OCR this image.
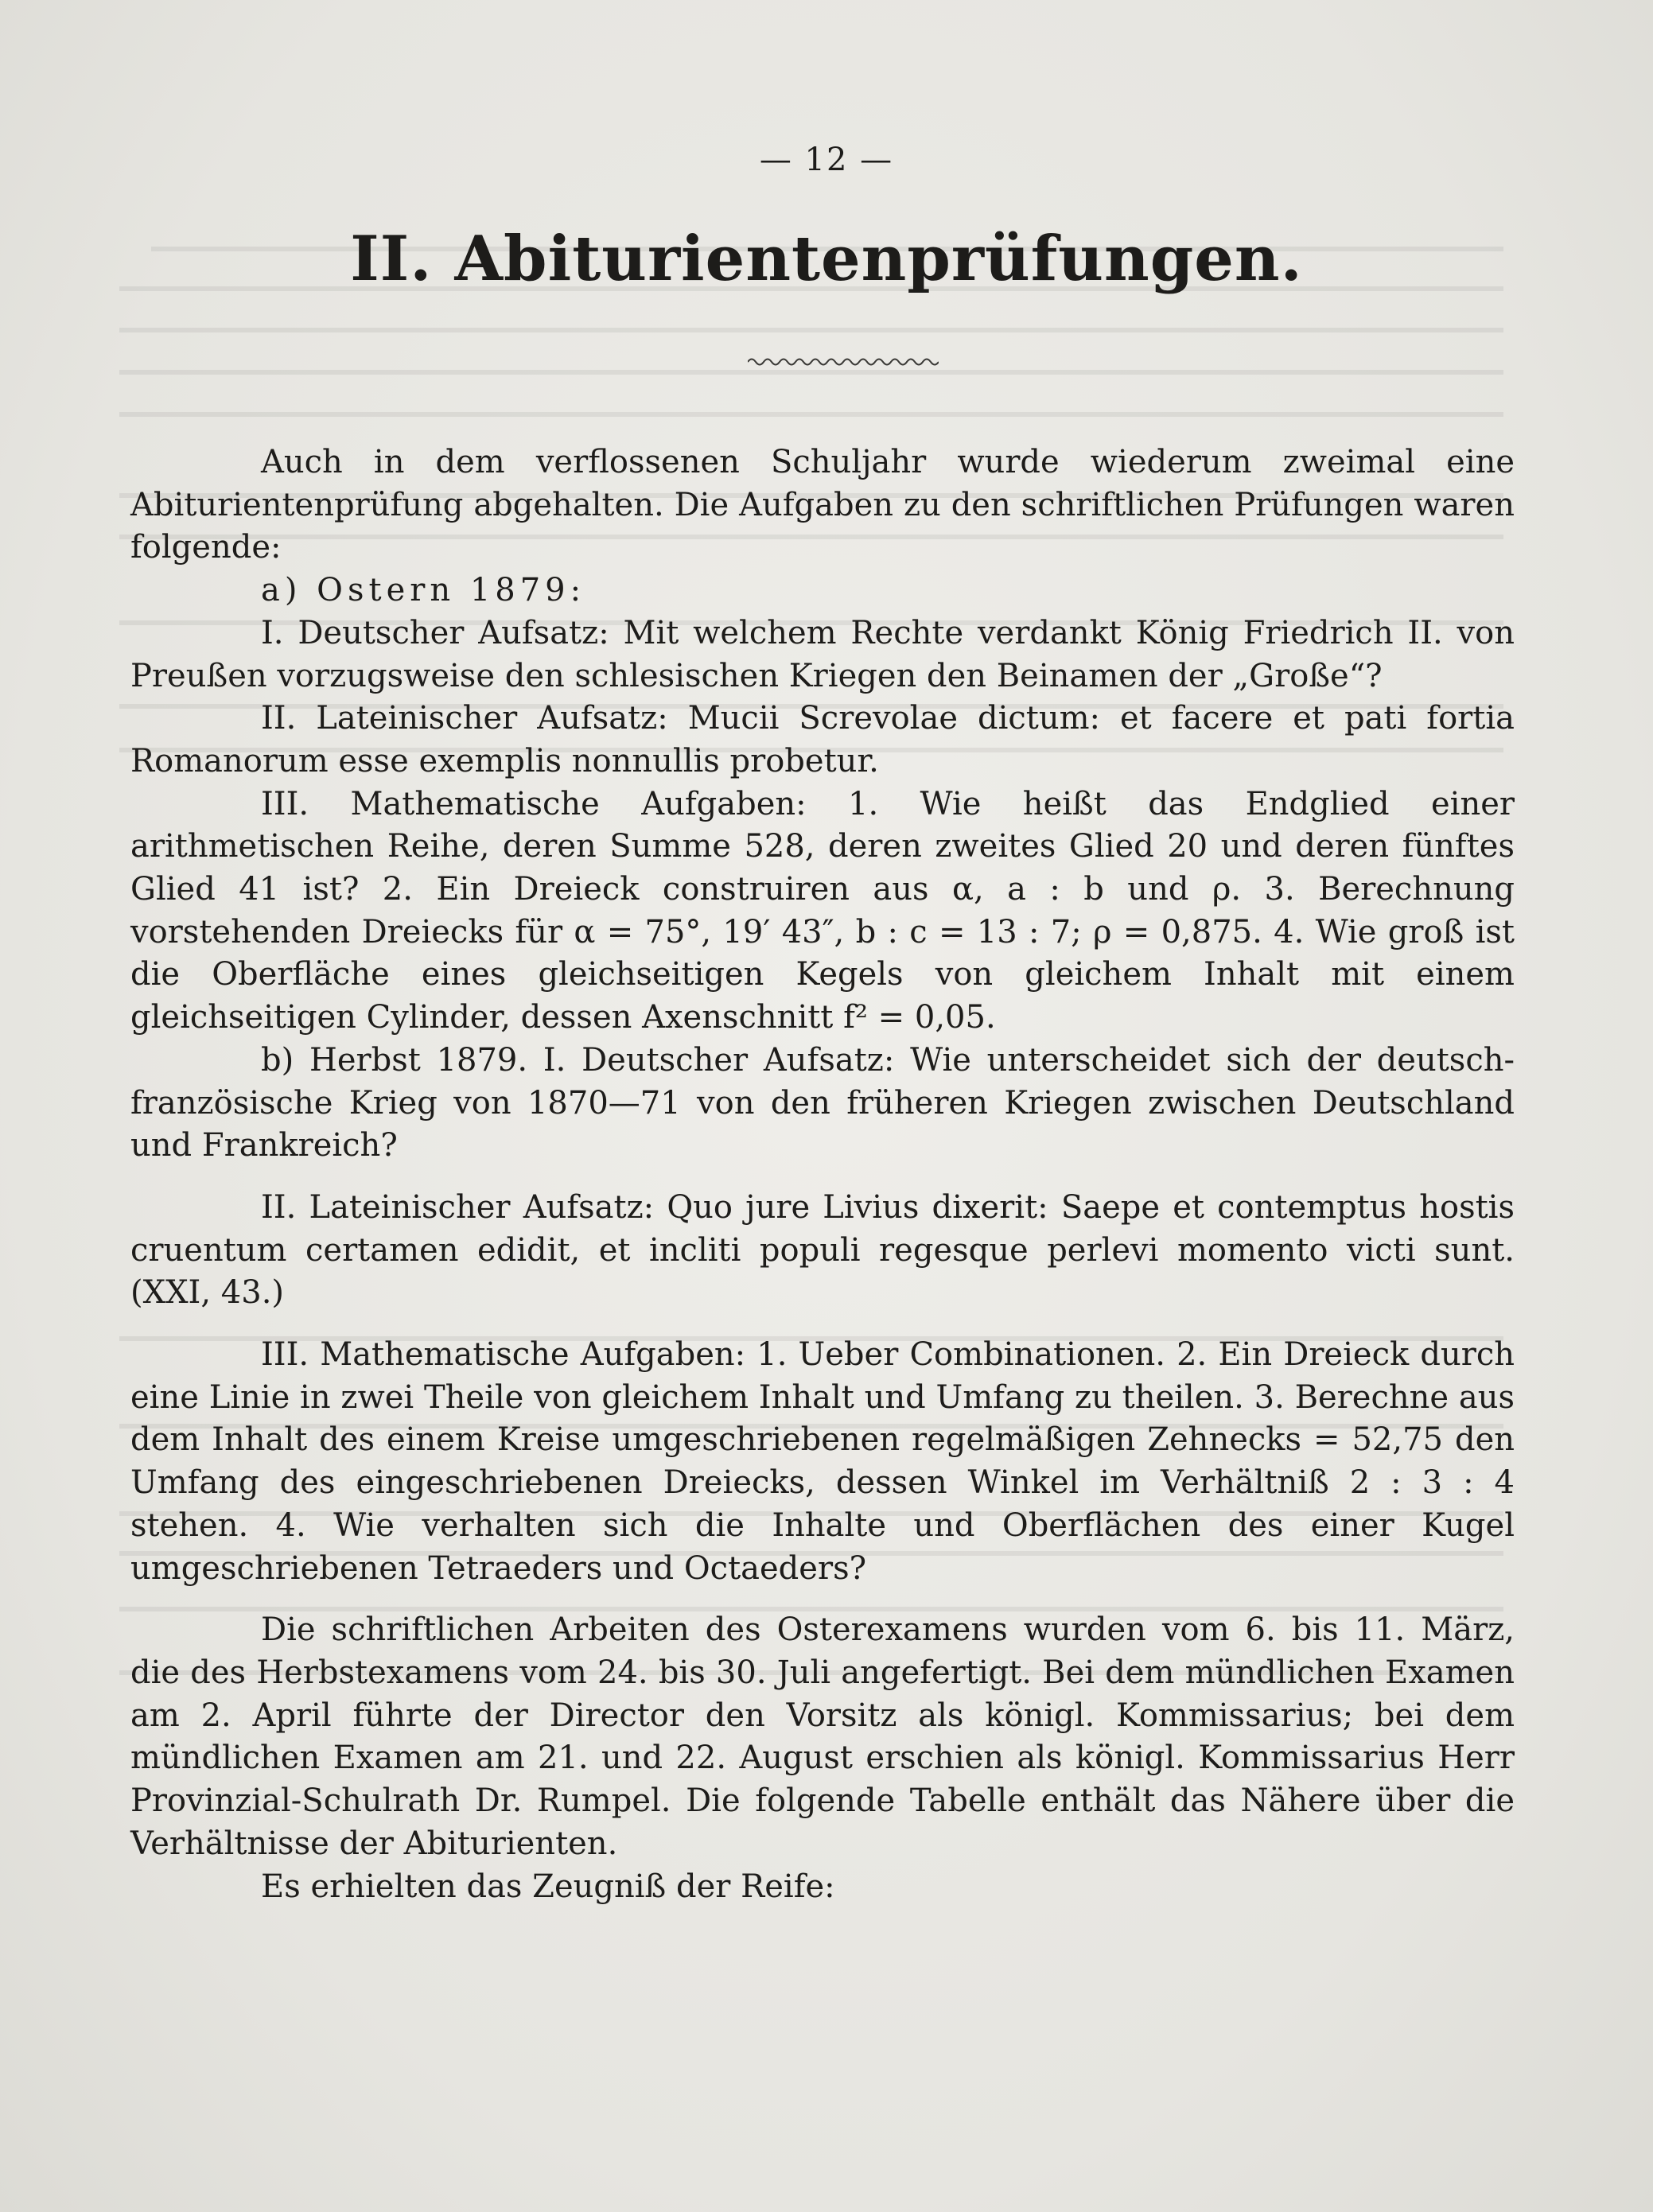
— 12 —
II. Abiturientenprüfungen.

Auch in dem verflossenen Schuljahr wurde wiederum zweimal eine Abiturientenprüfung abgehalten. Die Aufgaben zu den schriftlichen Prüfungen waren folgende:

a) Ostern 1879:

I. Deutscher Aufsatz: Mit welchem Rechte verdankt König Friedrich II. von Preußen vorzugsweise den schlesischen Kriegen den Beinamen der „Große“?

II. Lateinischer Aufsatz: Mucii Screvolae dictum: et facere et pati fortia Romanorum esse exemplis nonnullis probetur.

III. Mathematische Aufgaben: 1. Wie heißt das Endglied einer arithmetischen Reihe, deren Summe 528, deren zweites Glied 20 und deren fünftes Glied 41 ist? 2. Ein Dreieck construiren aus α, a : b und ρ. 3. Berechnung vorstehenden Dreiecks für α = 75°, 19′ 43″, b : c = 13 : 7; ρ = 0,875. 4. Wie groß ist die Oberfläche eines gleichseitigen Kegels von gleichem Inhalt mit einem gleichseitigen Cylinder, dessen Axenschnitt f² = 0,05.

b) Herbst 1879. I. Deutscher Aufsatz: Wie unterscheidet sich der deutsch-französische Krieg von 1870—71 von den früheren Kriegen zwischen Deutschland und Frankreich?

II. Lateinischer Aufsatz: Quo jure Livius dixerit: Saepe et contemptus hostis cruentum certamen edidit, et incliti populi regesque perlevi momento victi sunt. (XXI, 43.)

III. Mathematische Aufgaben: 1. Ueber Combinationen. 2. Ein Dreieck durch eine Linie in zwei Theile von gleichem Inhalt und Umfang zu theilen. 3. Berechne aus dem Inhalt des einem Kreise umgeschriebenen regelmäßigen Zehnecks = 52,75 den Umfang des eingeschriebenen Dreiecks, dessen Winkel im Verhältniß 2 : 3 : 4 stehen. 4. Wie verhalten sich die Inhalte und Oberflächen des einer Kugel umgeschriebenen Tetraeders und Octaeders?

Die schriftlichen Arbeiten des Osterexamens wurden vom 6. bis 11. März, die des Herbstexamens vom 24. bis 30. Juli angefertigt. Bei dem mündlichen Examen am 2. April führte der Director den Vorsitz als königl. Kommissarius; bei dem mündlichen Examen am 21. und 22. August erschien als königl. Kommissarius Herr Provinzial-Schulrath Dr. Rumpel. Die folgende Tabelle enthält das Nähere über die Verhältnisse der Abiturienten.

Es erhielten das Zeugniß der Reife:
